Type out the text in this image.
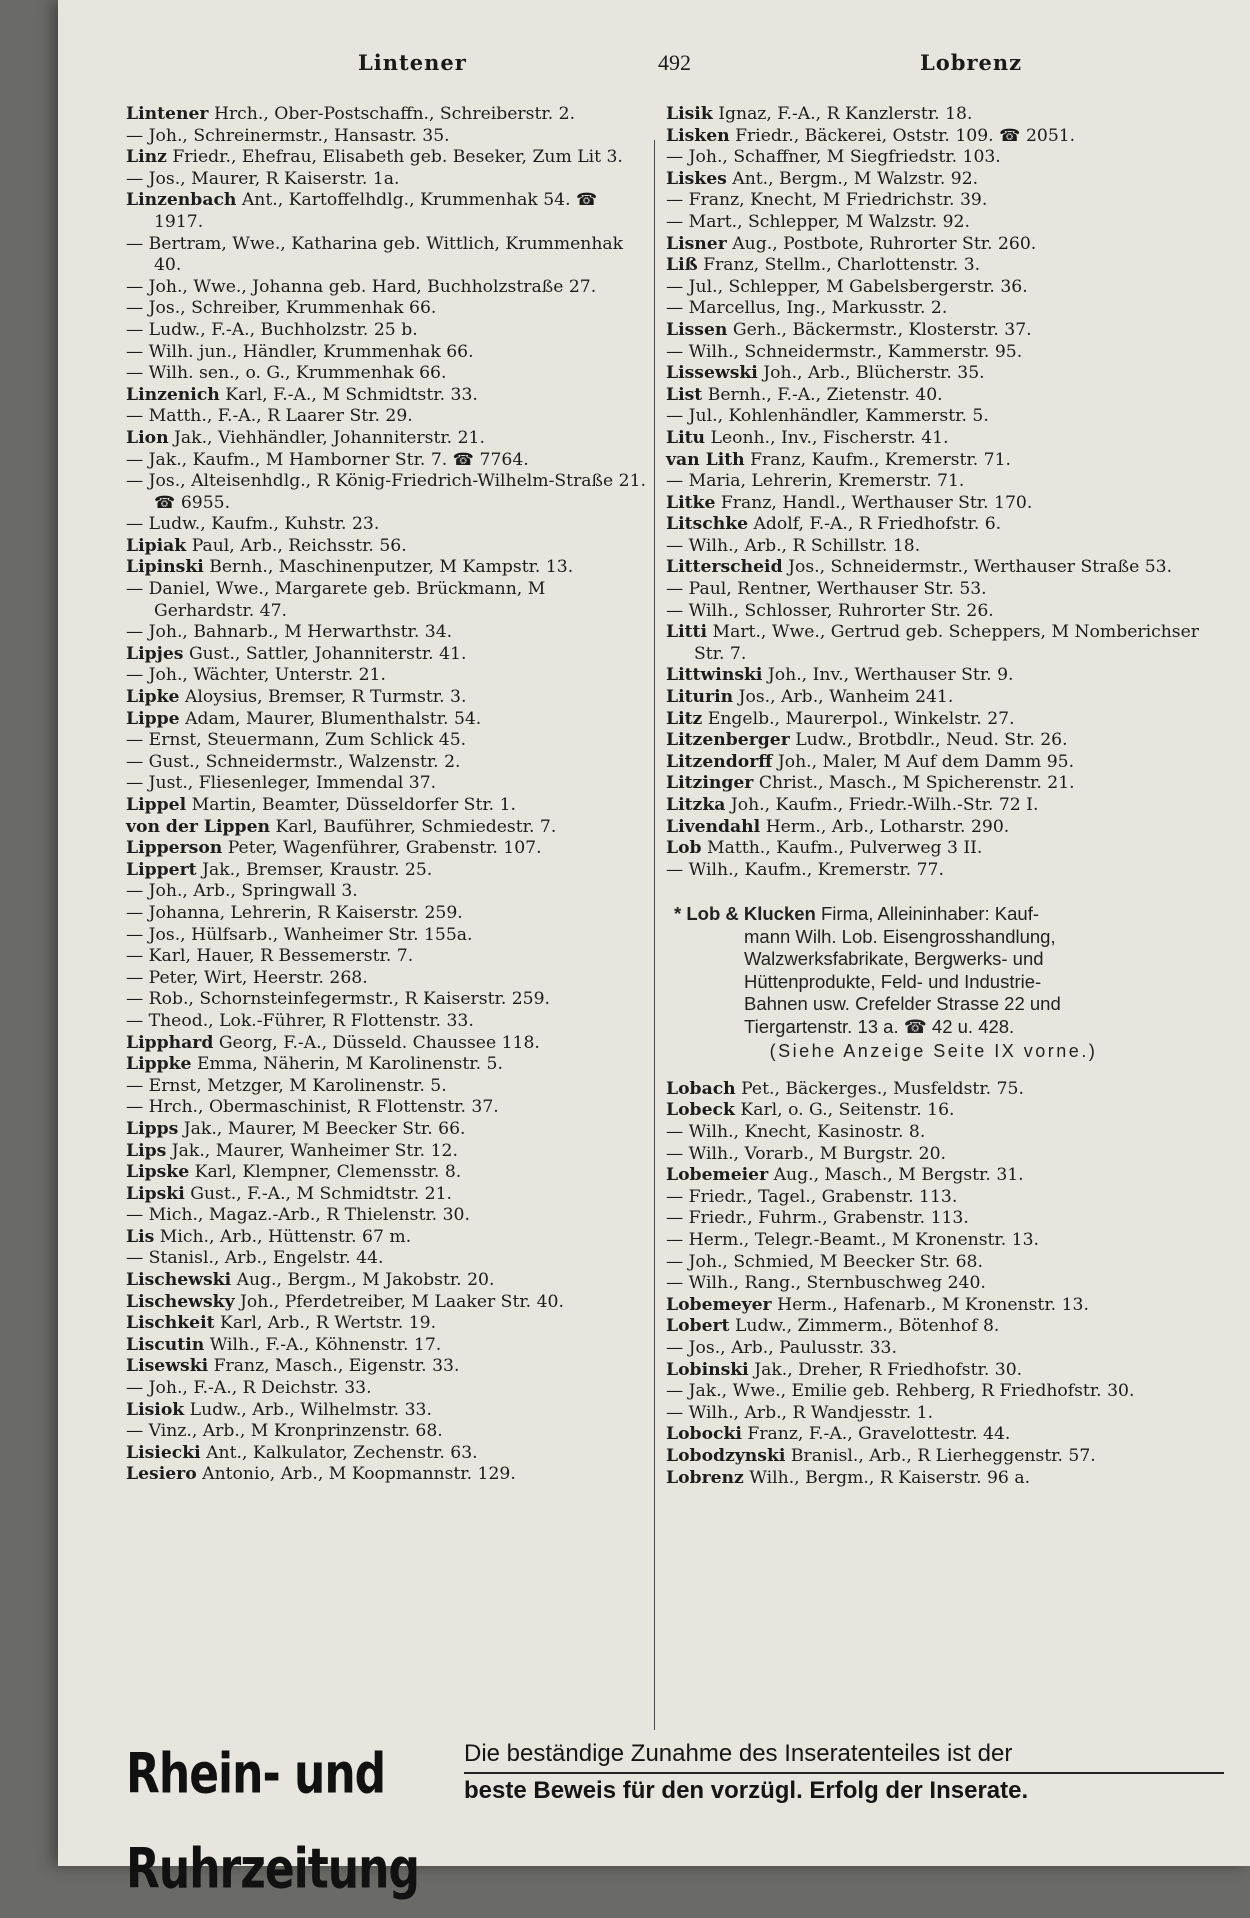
Lintener	492	Lobrenz

Lintener Hrch., Ober-Postschaffn., Schreiberstr. 2.

— Joh., Schreinermstr., Hansastr. 35.

Linz Friedr., Ehefrau, Elisabeth geb. Beseker, Zum Lit 3.

— Jos., Maurer, R Kaiserstr. 1a.

Linzenbach Ant., Kartoffelhdlg., Krummenhak 54. ☎ 1917.

— Bertram, Wwe., Katharina geb. Wittlich, Krummenhak 40.

— Joh., Wwe., Johanna geb. Hard, Buchholzstraße 27.

— Jos., Schreiber, Krummenhak 66.

— Ludw., F.-A., Buchholzstr. 25 b.

— Wilh. jun., Händler, Krummenhak 66.

— Wilh. sen., o. G., Krummenhak 66.

Linzenich Karl, F.-A., M Schmidtstr. 33.

— Matth., F.-A., R Laarer Str. 29.

Lion Jak., Viehhändler, Johanniterstr. 21.

— Jak., Kaufm., M Hamborner Str. 7. ☎ 7764.

— Jos., Alteisenhdlg., R König-Friedrich-Wilhelm-Straße 21. ☎ 6955.

— Ludw., Kaufm., Kuhstr. 23.

Lipiak Paul, Arb., Reichsstr. 56.

Lipinski Bernh., Maschinenputzer, M Kampstr. 13.

— Daniel, Wwe., Margarete geb. Brückmann, M Gerhardstr. 47.

— Joh., Bahnarb., M Herwarthstr. 34.

Lipjes Gust., Sattler, Johanniterstr. 41.

— Joh., Wächter, Unterstr. 21.

Lipke Aloysius, Bremser, R Turmstr. 3.

Lippe Adam, Maurer, Blumenthalstr. 54.

— Ernst, Steuermann, Zum Schlick 45.

— Gust., Schneidermstr., Walzenstr. 2.

— Just., Fliesenleger, Immendal 37.

Lippel Martin, Beamter, Düsseldorfer Str. 1.

von der Lippen Karl, Bauführer, Schmiedestr. 7.

Lipperson Peter, Wagenführer, Grabenstr. 107.

Lippert Jak., Bremser, Kraustr. 25.

— Joh., Arb., Springwall 3.

— Johanna, Lehrerin, R Kaiserstr. 259.

— Jos., Hülfsarb., Wanheimer Str. 155a.

— Karl, Hauer, R Bessemerstr. 7.

— Peter, Wirt, Heerstr. 268.

— Rob., Schornsteinfegermstr., R Kaiserstr. 259.

— Theod., Lok.-Führer, R Flottenstr. 33.

Lipphard Georg, F.-A., Düsseld. Chaussee 118.

Lippke Emma, Näherin, M Karolinenstr. 5.

— Ernst, Metzger, M Karolinenstr. 5.

— Hrch., Obermaschinist, R Flottenstr. 37.

Lipps Jak., Maurer, M Beecker Str. 66.

Lips Jak., Maurer, Wanheimer Str. 12.

Lipske Karl, Klempner, Clemensstr. 8.

Lipski Gust., F.-A., M Schmidtstr. 21.

— Mich., Magaz.-Arb., R Thielenstr. 30.

Lis Mich., Arb., Hüttenstr. 67 m.

— Stanisl., Arb., Engelstr. 44.

Lischewski Aug., Bergm., M Jakobstr. 20.

Lischewsky Joh., Pferdetreiber, M Laaker Str. 40.

Lischkeit Karl, Arb., R Wertstr. 19.

Liscutin Wilh., F.-A., Köhnenstr. 17.

Lisewski Franz, Masch., Eigenstr. 33.

— Joh., F.-A., R Deichstr. 33.

Lisiok Ludw., Arb., Wilhelmstr. 33.

— Vinz., Arb., M Kronprinzenstr. 68.

Lisiecki Ant., Kalkulator, Zechenstr. 63.

Lesiero Antonio, Arb., M Koopmannstr. 129.

Lisik Ignaz, F.-A., R Kanzlerstr. 18.

Lisken Friedr., Bäckerei, Oststr. 109. ☎ 2051.

— Joh., Schaffner, M Siegfriedstr. 103.

Liskes Ant., Bergm., M Walzstr. 92.

— Franz, Knecht, M Friedrichstr. 39.

— Mart., Schlepper, M Walzstr. 92.

Lisner Aug., Postbote, Ruhrorter Str. 260.

Liß Franz, Stellm., Charlottenstr. 3.

— Jul., Schlepper, M Gabelsbergerstr. 36.

— Marcellus, Ing., Markusstr. 2.

Lissen Gerh., Bäckermstr., Klosterstr. 37.

— Wilh., Schneidermstr., Kammerstr. 95.

Lissewski Joh., Arb., Blücherstr. 35.

List Bernh., F.-A., Zietenstr. 40.

— Jul., Kohlenhändler, Kammerstr. 5.

Litu Leonh., Inv., Fischerstr. 41.

van Lith Franz, Kaufm., Kremerstr. 71.

— Maria, Lehrerin, Kremerstr. 71.

Litke Franz, Handl., Werthauser Str. 170.

Litschke Adolf, F.-A., R Friedhofstr. 6.

— Wilh., Arb., R Schillstr. 18.

Litterscheid Jos., Schneidermstr., Werthauser Straße 53.

— Paul, Rentner, Werthauser Str. 53.

— Wilh., Schlosser, Ruhrorter Str. 26.

Litti Mart., Wwe., Gertrud geb. Scheppers, M Nomberichser Str. 7.

Littwinski Joh., Inv., Werthauser Str. 9.

Liturin Jos., Arb., Wanheim 241.

Litz Engelb., Maurerpol., Winkelstr. 27.

Litzenberger Ludw., Brotbdlr., Neud. Str. 26.

Litzendorff Joh., Maler, M Auf dem Damm 95.

Litzinger Christ., Masch., M Spicherenstr. 21.

Litzka Joh., Kaufm., Friedr.-Wilh.-Str. 72 I.

Livendahl Herm., Arb., Lotharstr. 290.

Lob Matth., Kaufm., Pulverweg 3 II.

— Wilh., Kaufm., Kremerstr. 77.

* Lob & Klucken Firma, Alleininhaber: Kauf-
mann Wilh. Lob. Eisengrosshandlung,
Walzwerksfabrikate, Bergwerks- und
Hüttenprodukte, Feld- und Industrie-
Bahnen usw. Crefelder Strasse 22 und
Tiergartenstr. 13 a. ☎ 42 u. 428.
(Siehe Anzeige Seite IX vorne.)

Lobach Pet., Bäckerges., Musfeldstr. 75.

Lobeck Karl, o. G., Seitenstr. 16.

— Wilh., Knecht, Kasinostr. 8.

— Wilh., Vorarb., M Burgstr. 20.

Lobemeier Aug., Masch., M Bergstr. 31.

— Friedr., Tagel., Grabenstr. 113.

— Friedr., Fuhrm., Grabenstr. 113.

— Herm., Telegr.-Beamt., M Kronenstr. 13.

— Joh., Schmied, M Beecker Str. 68.

— Wilh., Rang., Sternbuschweg 240.

Lobemeyer Herm., Hafenarb., M Kronenstr. 13.

Lobert Ludw., Zimmerm., Bötenhof 8.

— Jos., Arb., Paulusstr. 33.

Lobinski Jak., Dreher, R Friedhofstr. 30.

— Jak., Wwe., Emilie geb. Rehberg, R Friedhofstr. 30.

— Wilh., Arb., R Wandjesstr. 1.

Lobocki Franz, F.-A., Gravelottestr. 44.

Lobodzynski Branisl., Arb., R Lierheggenstr. 57.

Lobrenz Wilh., Bergm., R Kaiserstr. 96 a.

Rhein- und Ruhrzeitung
Die beständige Zunahme des Inseratenteiles ist der
beste Beweis für den vorzügl. Erfolg der Inserate.
